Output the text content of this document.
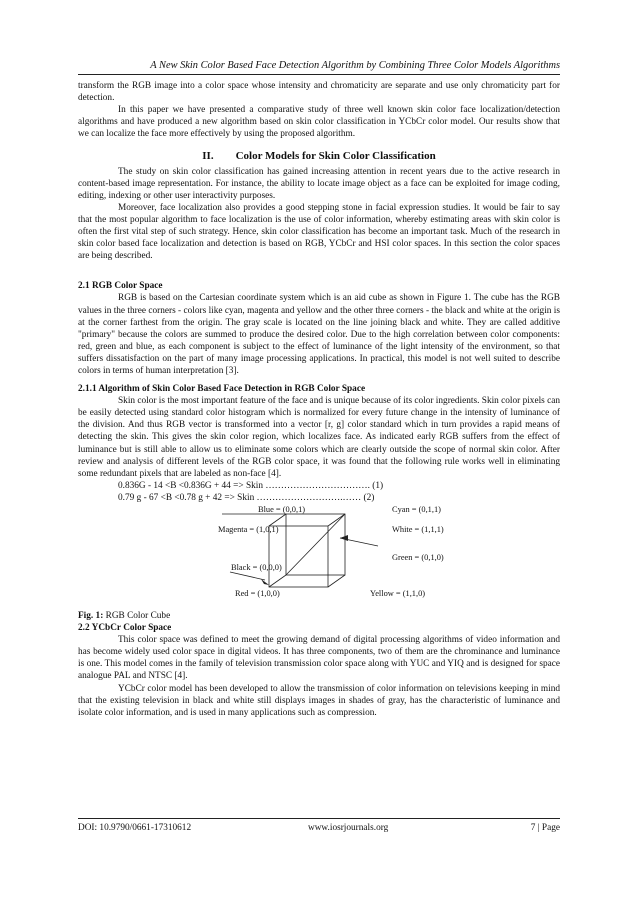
A New Skin Color Based Face Detection Algorithm by Combining Three Color Models Algorithms

transform the RGB image into a color space whose intensity and chromaticity are separate and use only chromaticity part for detection.

In this paper we have presented a comparative study of three well known skin color face localization/detection algorithms and have produced a new algorithm based on skin color classification in YCbCr color model. Our results show that we can localize the face more effectively by using the proposed algorithm.

II. Color Models for Skin Color Classification

The study on skin color classification has gained increasing attention in recent years due to the active research in content-based image representation. For instance, the ability to locate image object as a face can be exploited for image coding, editing, indexing or other user interactivity purposes.

Moreover, face localization also provides a good stepping stone in facial expression studies. It would be fair to say that the most popular algorithm to face localization is the use of color information, whereby estimating areas with skin color is often the first vital step of such strategy. Hence, skin color classification has become an important task. Much of the research in skin color based face localization and detection is based on RGB, YCbCr and HSI color spaces. In this section the color spaces are being described.

2.1 RGB Color Space

RGB is based on the Cartesian coordinate system which is an aid cube as shown in Figure 1. The cube has the RGB values in the three corners - colors like cyan, magenta and yellow and the other three corners - the black and white at the origin is at the corner farthest from the origin. The gray scale is located on the line joining black and white. They are called additive "primary" because the colors are summed to produce the desired color. Due to the high correlation between color components: red, green and blue, as each component is subject to the effect of luminance of the light intensity of the environment, so that suffers dissatisfaction on the part of many image processing applications. In practical, this model is not well suited to describe colors in terms of human interpretation [3].

2.1.1 Algorithm of Skin Color Based Face Detection in RGB Color Space

Skin color is the most important feature of the face and is unique because of its color ingredients. Skin color pixels can be easily detected using standard color histogram which is normalized for every future change in the intensity of luminance of the division. And thus RGB vector is transformed into a vector [r, g] color standard which in turn provides a rapid means of detecting the skin. This gives the skin color region, which localizes face. As indicated early RGB suffers from the effect of luminance but is still able to allow us to eliminate some colors which are clearly outside the scope of normal skin color. After review and analysis of different levels of the RGB color space, it was found that the following rule works well in eliminating some redundant pixels that are labeled as non-face [4].

0.836G - 14 <B <0.836G + 44 => Skin ……………………………. (1)

0.79 g - 67 <B <0.78 g + 42 => Skin ……………………….…… (2)

Blue = (0,0,1)
Magenta = (1,0,1)
Black = (0,0,0)
Red = (1,0,0)
Cyan = (0,1,1)
White = (1,1,1)
Green = (0,1,0)
Yellow = (1,1,0)

Fig. 1: RGB Color Cube

2.2 YCbCr Color Space

This color space was defined to meet the growing demand of digital processing algorithms of video information and has become widely used color space in digital videos. It has three components, two of them are the chrominance and luminance is one. This model comes in the family of television transmission color space along with YUC and YIQ and is designed for space analogue PAL and NTSC [4].

YCbCr color model has been developed to allow the transmission of color information on televisions keeping in mind that the existing television in black and white still displays images in shades of gray, has the characteristic of luminance and isolate color information, and is used in many applications such as compression.

DOI: 10.9790/0661-17310612	www.iosrjournals.org	7 | Page
